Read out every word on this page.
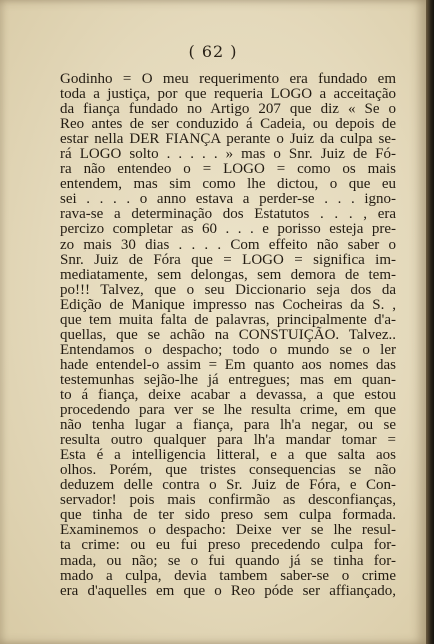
( 62 )
Godinho = O meu requerimento era fundado em
toda a justiça, por que requeria LOGO a acceitação
da fiança fundado no Artigo 207 que diz « Se o
Reo antes de ser conduzido á Cadeia, ou depois de
estar nella DER FIANÇA perante o Juiz da culpa se-
rá LOGO solto . . . . . » mas o Snr. Juiz de Fó-
ra não entendeo o = LOGO = como os mais
entendem, mas sim como lhe dictou, o que eu
sei . . . . o anno estava a perder-se . . . igno-
rava-se a determinação dos Estatutos . . . , era
percizo completar as 60 . . . e porisso esteja pre-
zo mais 30 dias . . . . Com effeito não saber o
Snr. Juiz de Fóra que = LOGO = significa im-
mediatamente, sem delongas, sem demora de tem-
po!!! Talvez, que o seu Diccionario seja dos da
Edição de Manique impresso nas Cocheiras da S. ,
que tem muita falta de palavras, principalmente d'a-
quellas, que se achão na CONSTUIÇÃO. Talvez..
Entendamos o despacho; todo o mundo se o ler
hade entendel-o assim = Em quanto aos nomes das
testemunhas sejão-lhe já entregues; mas em quan-
to á fiança, deixe acabar a devassa, a que estou
procedendo para ver se lhe resulta crime, em que
não tenha lugar a fiança, para lh'a negar, ou se
resulta outro qualquer para lh'a mandar tomar =
Esta é a intelligencia litteral, e a que salta aos
olhos. Porém, que tristes consequencias se não
deduzem delle contra o Sr. Juiz de Fóra, e Con-
servador! pois mais confirmão as desconfianças,
que tinha de ter sido preso sem culpa formada.
Examinemos o despacho: Deixe ver se lhe resul-
ta crime: ou eu fui preso precedendo culpa for-
mada, ou não; se o fui quando já se tinha for-
mado a culpa, devia tambem saber-se o crime
era d'aquelles em que o Reo póde ser affiançado,
